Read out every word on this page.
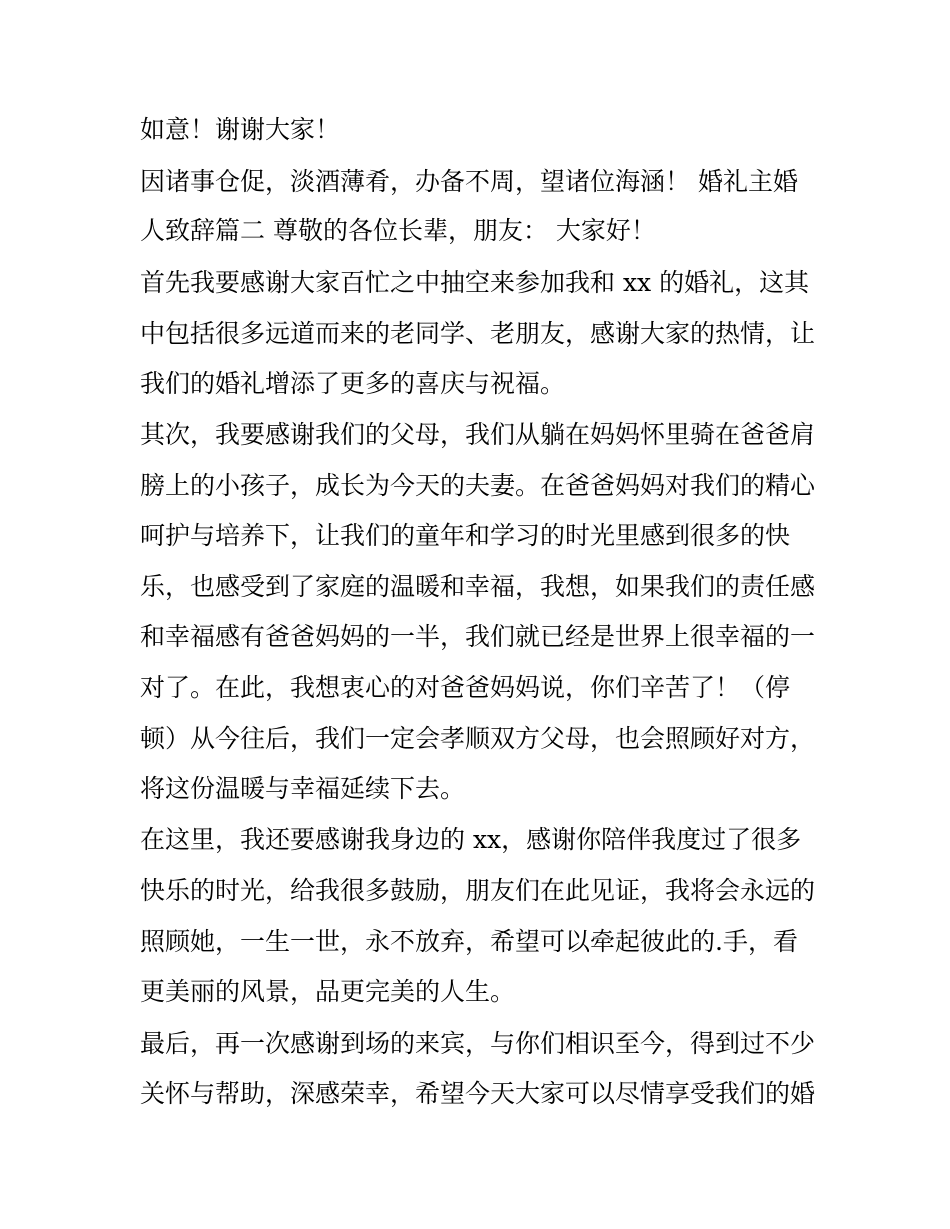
如意！谢谢大家！
因诸事仓促，淡酒薄肴，办备不周，望诸位海涵！ 婚礼主婚
人致辞篇二 尊敬的各位长辈，朋友： 大家好！
首先我要感谢大家百忙之中抽空来参加我和 xx 的婚礼，这其
中包括很多远道而来的老同学、老朋友，感谢大家的热情，让
我们的婚礼增添了更多的喜庆与祝福。
其次，我要感谢我们的父母，我们从躺在妈妈怀里骑在爸爸肩
膀上的小孩子，成长为今天的夫妻。在爸爸妈妈对我们的精心
呵护与培养下，让我们的童年和学习的时光里感到很多的快
乐，也感受到了家庭的温暖和幸福，我想，如果我们的责任感
和幸福感有爸爸妈妈的一半，我们就已经是世界上很幸福的一
对了。在此，我想衷心的对爸爸妈妈说，你们辛苦了！（停
顿）从今往后，我们一定会孝顺双方父母，也会照顾好对方，
将这份温暖与幸福延续下去。
在这里，我还要感谢我身边的 xx，感谢你陪伴我度过了很多
快乐的时光，给我很多鼓励，朋友们在此见证，我将会永远的
照顾她，一生一世，永不放弃，希望可以牵起彼此的.手，看
更美丽的风景，品更完美的人生。
最后，再一次感谢到场的来宾，与你们相识至今，得到过不少
关怀与帮助，深感荣幸，希望今天大家可以尽情享受我们的婚
